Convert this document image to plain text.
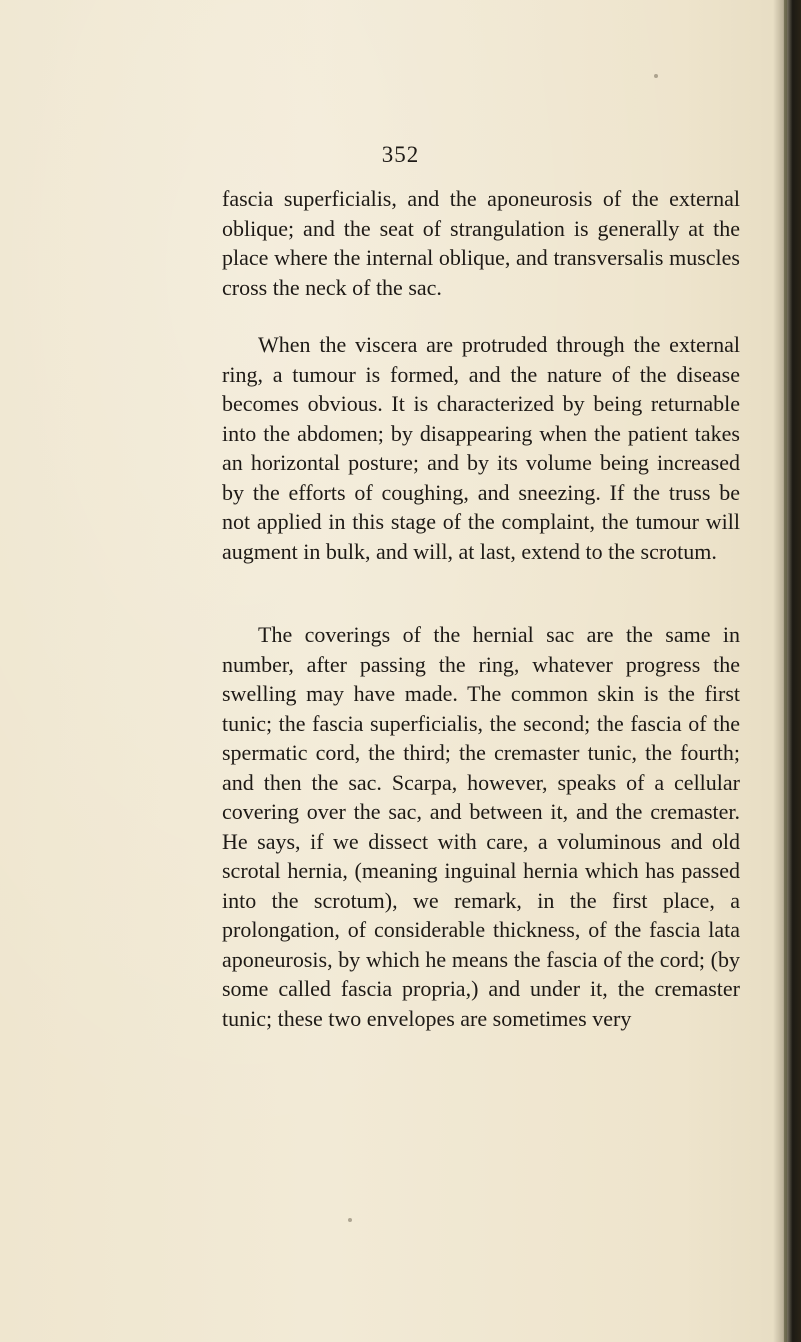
352

fascia superficialis, and the aponeurosis of the external oblique; and the seat of strangulation is generally at the place where the internal oblique, and transversalis muscles cross the neck of the sac.

When the viscera are protruded through the external ring, a tumour is formed, and the nature of the disease becomes obvious. It is characterized by being returnable into the abdomen; by disappearing when the patient takes an horizontal posture; and by its volume being increased by the efforts of coughing, and sneezing. If the truss be not applied in this stage of the complaint, the tumour will augment in bulk, and will, at last, extend to the scrotum.

The coverings of the hernial sac are the same in number, after passing the ring, whatever progress the swelling may have made. The common skin is the first tunic; the fascia superficialis, the second; the fascia of the spermatic cord, the third; the cremaster tunic, the fourth; and then the sac. Scarpa, however, speaks of a cellular covering over the sac, and between it, and the cremaster. He says, if we dissect with care, a voluminous and old scrotal hernia, (meaning inguinal hernia which has passed into the scrotum), we remark, in the first place, a prolongation, of considerable thickness, of the fascia lata aponeurosis, by which he means the fascia of the cord; (by some called fascia propria,) and under it, the cremaster tunic; these two envelopes are sometimes very
